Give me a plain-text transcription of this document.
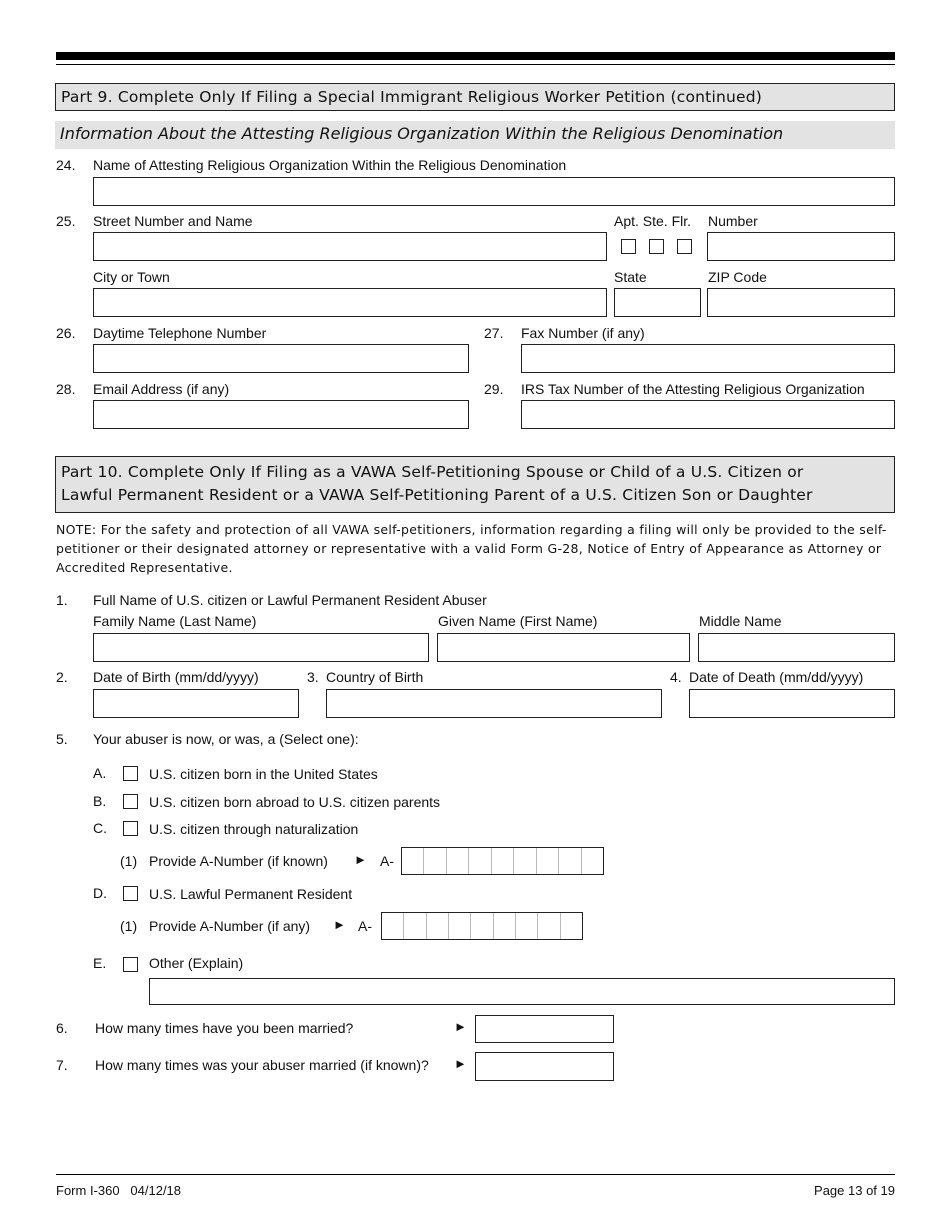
Part 9. Complete Only If Filing a Special Immigrant Religious Worker Petition (continued)
Information About the Attesting Religious Organization Within the Religious Denomination
24. Name of Attesting Religious Organization Within the Religious Denomination
25. Street Number and Name	Apt. Ste. Flr. Number
City or Town	State	ZIP Code
26. Daytime Telephone Number	27. Fax Number (if any)
28. Email Address (if any)	29. IRS Tax Number of the Attesting Religious Organization
Part 10. Complete Only If Filing as a VAWA Self-Petitioning Spouse or Child of a U.S. Citizen or
Lawful Permanent Resident or a VAWA Self-Petitioning Parent of a U.S. Citizen Son or Daughter
NOTE: For the safety and protection of all VAWA self-petitioners, information regarding a filing will only be provided to the self-petitioner or their designated attorney or representative with a valid Form G-28, Notice of Entry of Appearance as Attorney or Accredited Representative.
1. Full Name of U.S. citizen or Lawful Permanent Resident Abuser
Family Name (Last Name)	Given Name (First Name)	Middle Name
2. Date of Birth (mm/dd/yyyy)	3. Country of Birth	4. Date of Death (mm/dd/yyyy)
5. Your abuser is now, or was, a (Select one):
A.	U.S. citizen born in the United States
B.	U.S. citizen born abroad to U.S. citizen parents
C.	U.S. citizen through naturalization
(1) Provide A-Number (if known) ► A-
D.	U.S. Lawful Permanent Resident
(1) Provide A-Number (if any) ► A-
E.	Other (Explain)
6. How many times have you been married?	►
7. How many times was your abuser married (if known)? ►
Form I-360   04/12/18	Page 13 of 19
